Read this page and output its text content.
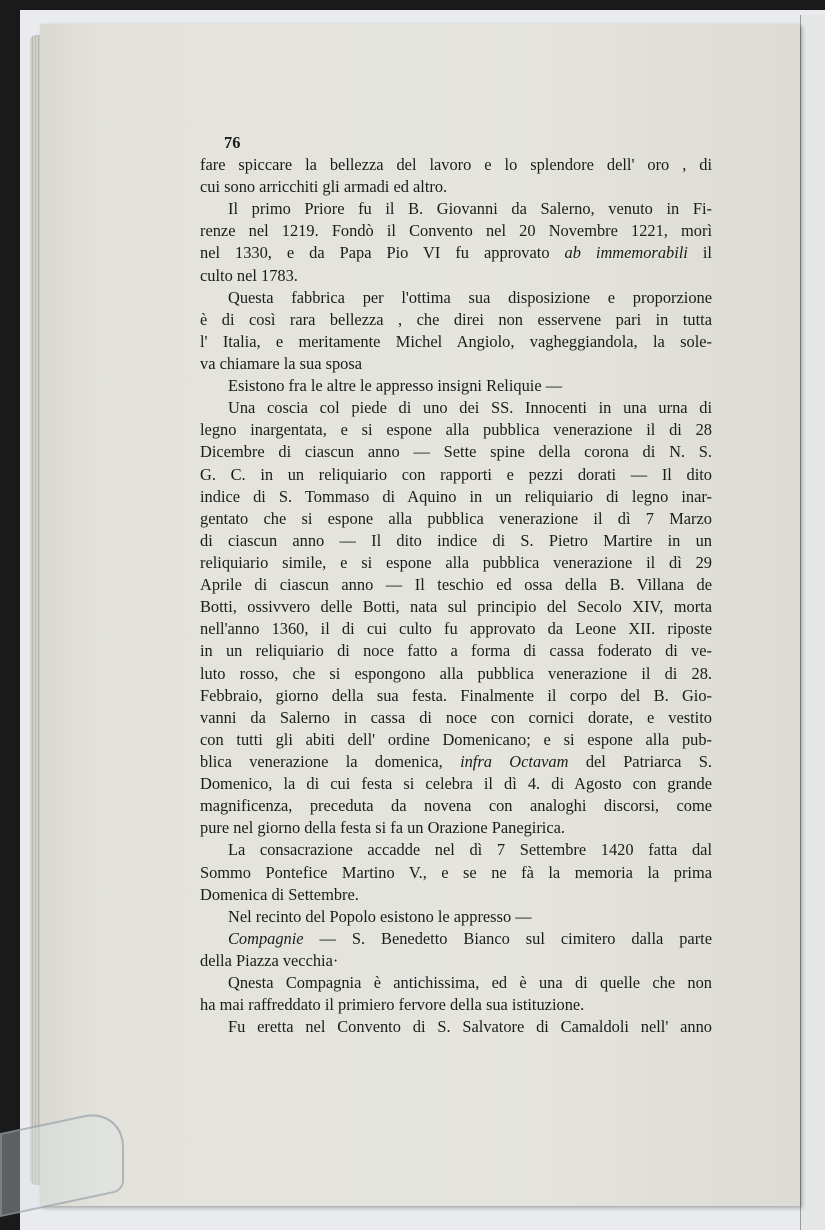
76
fare spiccare la bellezza del lavoro e lo splendore dell' oro , di
cui sono arricchiti gli armadi ed altro.
Il primo Priore fu il B. Giovanni da Salerno, venuto in Fi-
renze nel 1219. Fondò il Convento nel 20 Novembre 1221, morì
nel 1330, e da Papa Pio VI fu approvato ab immemorabili il
culto nel 1783.
Questa fabbrica per l'ottima sua disposizione e proporzione
è di così rara bellezza , che direi non esservene pari in tutta
l' Italia, e meritamente Michel Angiolo, vagheggiandola, la sole-
va chiamare la sua sposa
Esistono fra le altre le appresso insigni Reliquie —
Una coscia col piede di uno dei SS. Innocenti in una urna di
legno inargentata, e si espone alla pubblica venerazione il di 28
Dicembre di ciascun anno — Sette spine della corona di N. S.
G. C. in un reliquiario con rapporti e pezzi dorati — Il dito
indice di S. Tommaso di Aquino in un reliquiario di legno inar-
gentato che si espone alla pubblica venerazione il dì 7 Marzo
di ciascun anno — Il dito indice di S. Pietro Martire in un
reliquiario simile, e si espone alla pubblica venerazione il dì 29
Aprile di ciascun anno — Il teschio ed ossa della B. Villana de
Botti, ossivvero delle Botti, nata sul principio del Secolo XIV, morta
nell'anno 1360, il di cui culto fu approvato da Leone XII. riposte
in un reliquiario di noce fatto a forma di cassa foderato di ve-
luto rosso, che si espongono alla pubblica venerazione il di 28.
Febbraio, giorno della sua festa. Finalmente il corpo del B. Gio-
vanni da Salerno in cassa di noce con cornici dorate, e vestito
con tutti gli abiti dell' ordine Domenicano; e si espone alla pub-
blica venerazione la domenica, infra Octavam del Patriarca S.
Domenico, la di cui festa si celebra il dì 4. di Agosto con grande
magnificenza, preceduta da novena con analoghi discorsi, come
pure nel giorno della festa si fa un Orazione Panegirica.
La consacrazione accadde nel dì 7 Settembre 1420 fatta dal
Sommo Pontefice Martino V., e se ne fà la memoria la prima
Domenica di Settembre.
Nel recinto del Popolo esistono le appresso —
Compagnie — S. Benedetto Bianco sul cimitero dalla parte
della Piazza vecchia·
Qnesta Compagnia è antichissima, ed è una di quelle che non
ha mai raffreddato il primiero fervore della sua istituzione.
Fu eretta nel Convento di S. Salvatore di Camaldoli nell' anno
